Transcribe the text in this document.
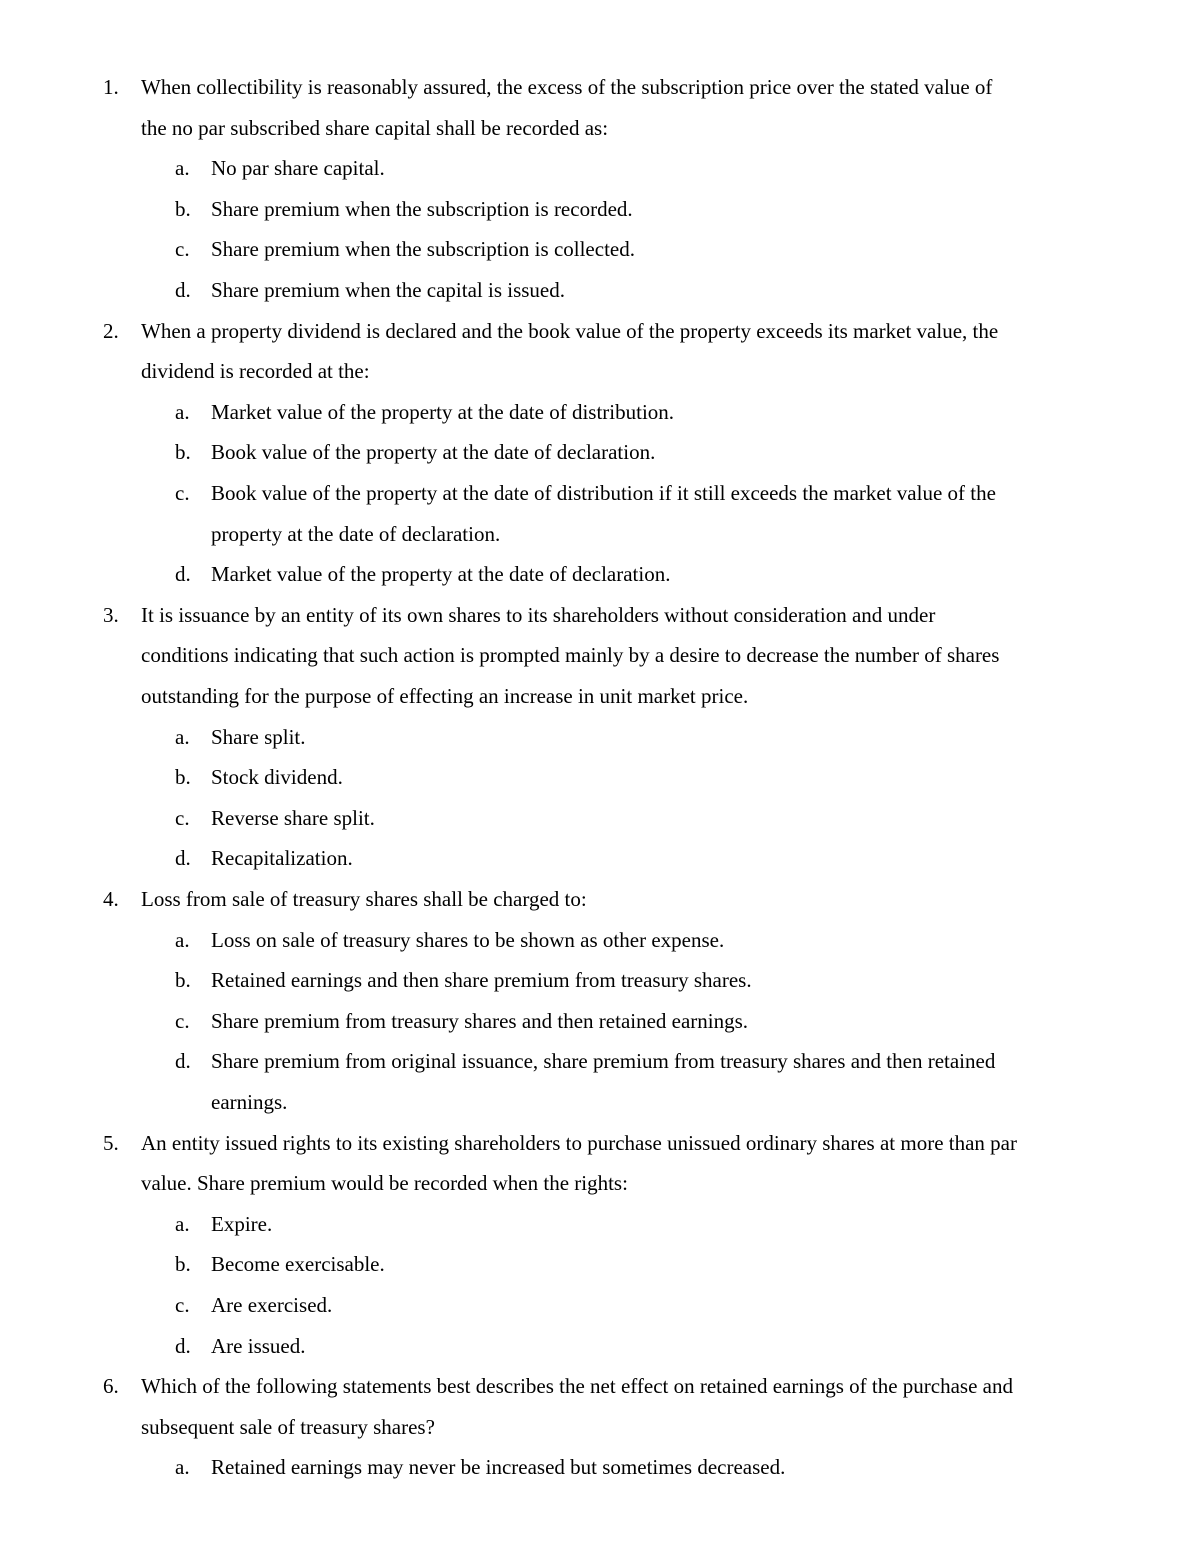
1. When collectibility is reasonably assured, the excess of the subscription price over the stated value of
the no par subscribed share capital shall be recorded as:
a. No par share capital.
b. Share premium when the subscription is recorded.
c. Share premium when the subscription is collected.
d. Share premium when the capital is issued.
2. When a property dividend is declared and the book value of the property exceeds its market value, the
dividend is recorded at the:
a. Market value of the property at the date of distribution.
b. Book value of the property at the date of declaration.
c. Book value of the property at the date of distribution if it still exceeds the market value of the
property at the date of declaration.
d. Market value of the property at the date of declaration.
3. It is issuance by an entity of its own shares to its shareholders without consideration and under
conditions indicating that such action is prompted mainly by a desire to decrease the number of shares
outstanding for the purpose of effecting an increase in unit market price.
a. Share split.
b. Stock dividend.
c. Reverse share split.
d. Recapitalization.
4. Loss from sale of treasury shares shall be charged to:
a. Loss on sale of treasury shares to be shown as other expense.
b. Retained earnings and then share premium from treasury shares.
c. Share premium from treasury shares and then retained earnings.
d. Share premium from original issuance, share premium from treasury shares and then retained
earnings.
5. An entity issued rights to its existing shareholders to purchase unissued ordinary shares at more than par
value. Share premium would be recorded when the rights:
a. Expire.
b. Become exercisable.
c. Are exercised.
d. Are issued.
6. Which of the following statements best describes the net effect on retained earnings of the purchase and
subsequent sale of treasury shares?
a. Retained earnings may never be increased but sometimes decreased.
